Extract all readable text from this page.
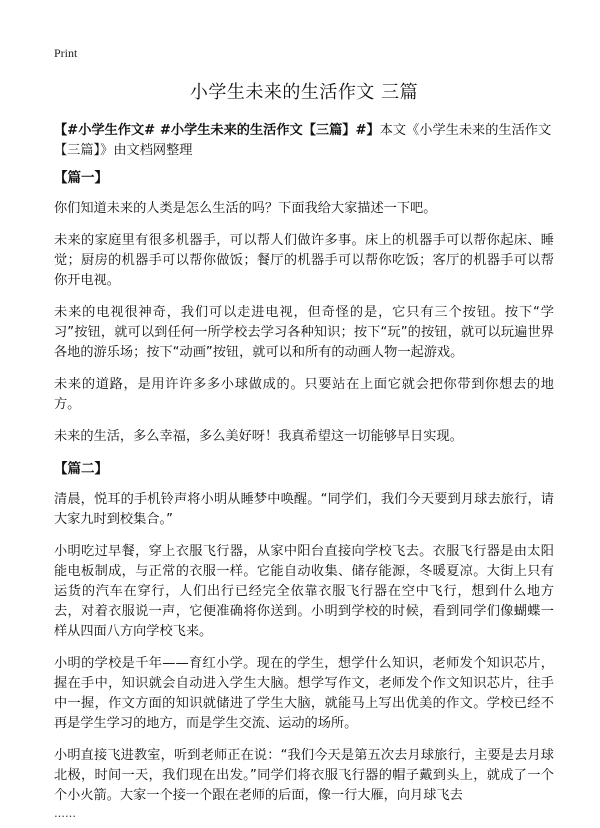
Print
小学生未来的生活作文 三篇

【#小学生作文# #小学生未来的生活作文【三篇】#】本文《小学生未来的生活作文【三篇】》由文档网整理

【篇一】

你们知道未来的人类是怎么生活的吗？下面我给大家描述一下吧。

未来的家庭里有很多机器手，可以帮人们做许多事。床上的机器手可以帮你起床、睡觉；厨房的机器手可以帮你做饭；餐厅的机器手可以帮你吃饭；客厅的机器手可以帮你开电视。

未来的电视很神奇，我们可以走进电视，但奇怪的是，它只有三个按钮。按下“学习”按钮，就可以到任何一所学校去学习各种知识；按下“玩”的按钮，就可以玩遍世界各地的游乐场；按下“动画”按钮，就可以和所有的动画人物一起游戏。

未来的道路，是用许许多多小球做成的。只要站在上面它就会把你带到你想去的地方。

未来的生活，多么幸福，多么美好呀！我真希望这一切能够早日实现。

【篇二】

清晨，悦耳的手机铃声将小明从睡梦中唤醒。“同学们，我们今天要到月球去旅行，请大家九时到校集合。”

小明吃过早餐，穿上衣服飞行器，从家中阳台直接向学校飞去。衣服飞行器是由太阳能电板制成，与正常的衣服一样。它能自动收集、储存能源，冬暖夏凉。大街上只有运货的汽车在穿行，人们出行已经完全依靠衣服飞行器在空中飞行，想到什么地方去，对着衣服说一声，它便准确将你送到。小明到学校的时候，看到同学们像蝴蝶一样从四面八方向学校飞来。

小明的学校是千年——育红小学。现在的学生，想学什么知识，老师发个知识芯片，握在手中，知识就会自动进入学生大脑。想学写作文，老师发个作文知识芯片，往手中一握，作文方面的知识就储进了学生大脑，就能马上写出优美的作文。学校已经不再是学生学习的地方，而是学生交流、运动的场所。

小明直接飞进教室，听到老师正在说：“我们今天是第五次去月球旅行，主要是去月球北极，时间一天，我们现在出发。”同学们将衣服飞行器的帽子戴到头上，就成了一个个小火箭。大家一个接一个跟在老师的后面，像一行大雁，向月球飞去

……
